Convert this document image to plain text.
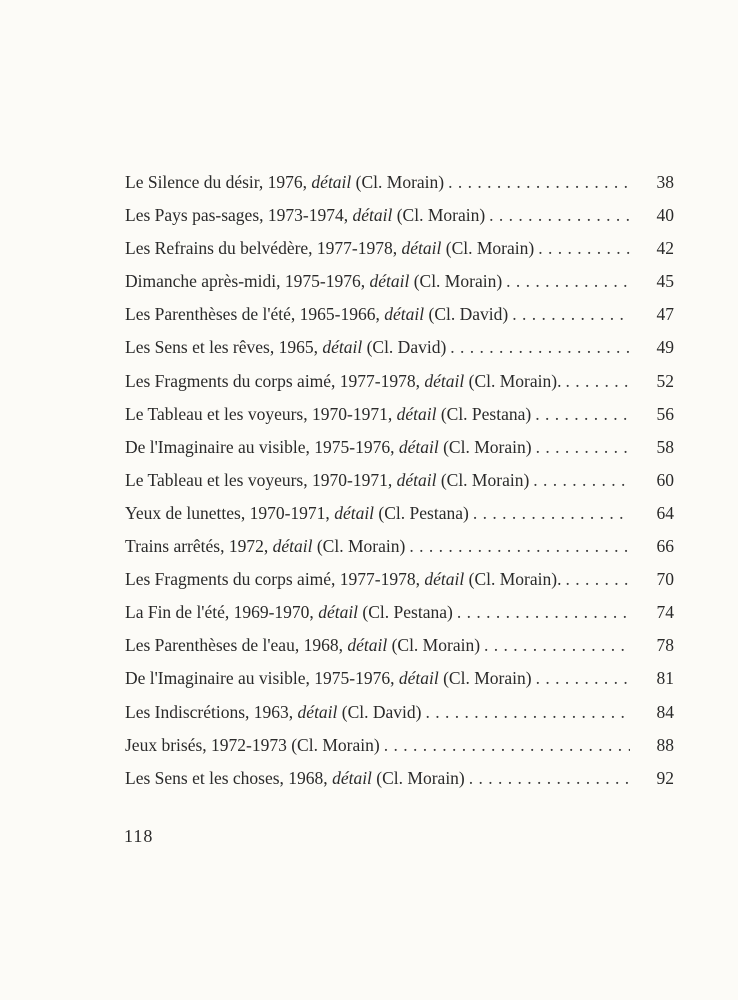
Le Silence du désir, 1976, détail (Cl. Morain) . . .	38
Les Pays pas-sages, 1973-1974, détail (Cl. Morain) . . .	40
Les Refrains du belvédère, 1977-1978, détail (Cl. Morain) . . .	42
Dimanche après-midi, 1975-1976, détail (Cl. Morain) . . .	45
Les Parenthèses de l'été, 1965-1966, détail (Cl. David) . . .	47
Les Sens et les rêves, 1965, détail (Cl. David) . . .	49
Les Fragments du corps aimé, 1977-1978, détail (Cl. Morain). . . .	52
Le Tableau et les voyeurs, 1970-1971, détail (Cl. Pestana) . . .	56
De l'Imaginaire au visible, 1975-1976, détail (Cl. Morain) . . .	58
Le Tableau et les voyeurs, 1970-1971, détail (Cl. Morain) . . .	60
Yeux de lunettes, 1970-1971, détail (Cl. Pestana) . . .	64
Trains arrêtés, 1972, détail (Cl. Morain) . . .	66
Les Fragments du corps aimé, 1977-1978, détail (Cl. Morain). . . .	70
La Fin de l'été, 1969-1970, détail (Cl. Pestana) . . .	74
Les Parenthèses de l'eau, 1968, détail (Cl. Morain) . . .	78
De l'Imaginaire au visible, 1975-1976, détail (Cl. Morain) . . .	81
Les Indiscrétions, 1963, détail (Cl. David) . . .	84
Jeux brisés, 1972-1973 (Cl. Morain) . . .	88
Les Sens et les choses, 1968, détail (Cl. Morain) . . .	92
118
